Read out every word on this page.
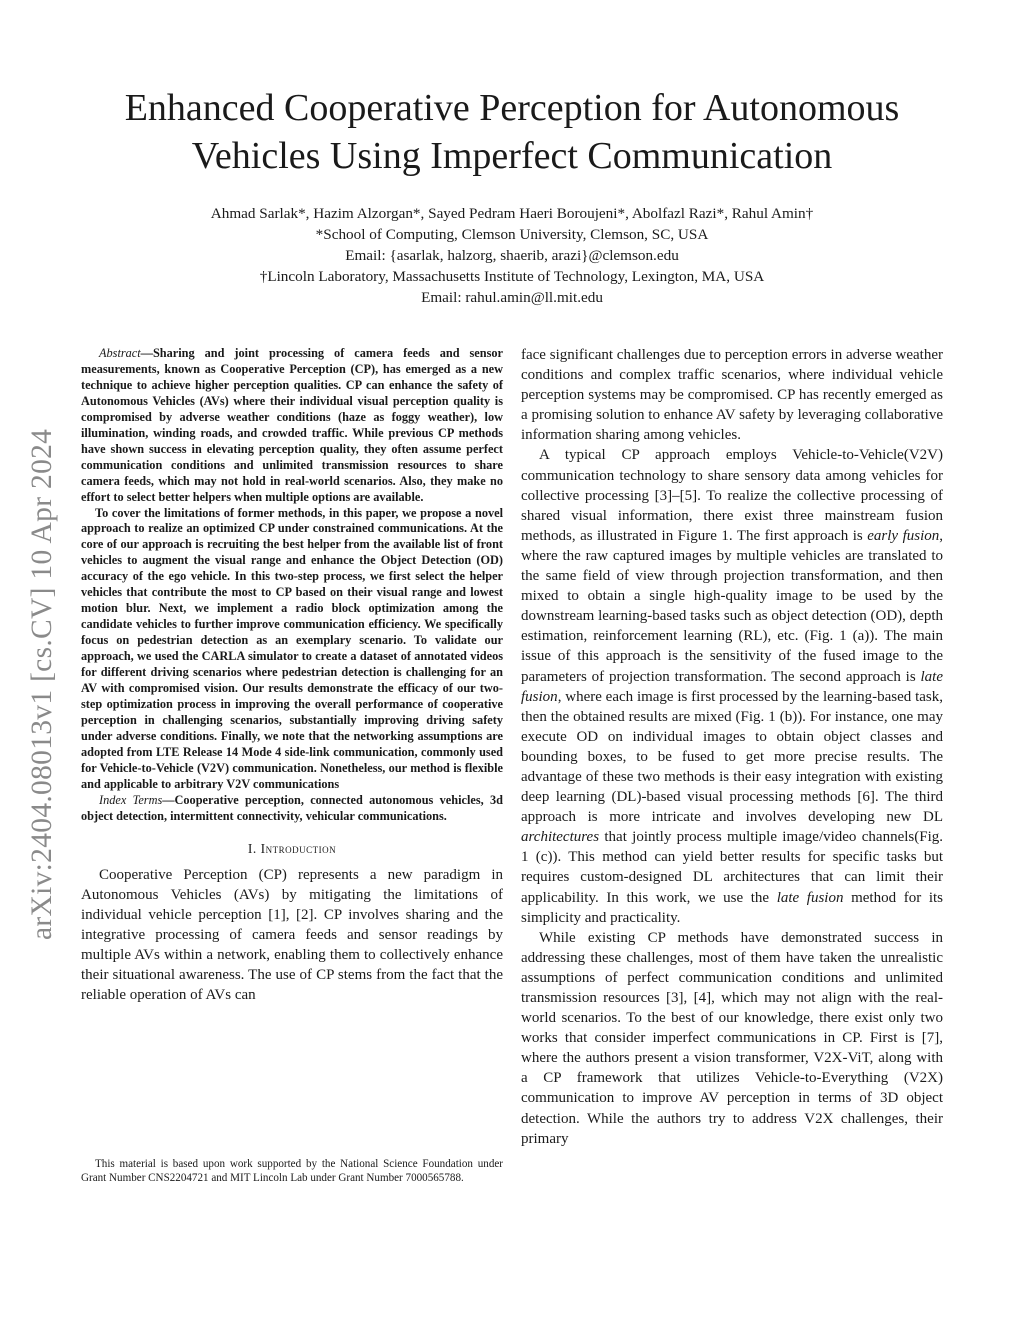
arXiv:2404.08013v1 [cs.CV] 10 Apr 2024
Enhanced Cooperative Perception for Autonomous
Vehicles Using Imperfect Communication
Ahmad Sarlak*, Hazim Alzorgan*, Sayed Pedram Haeri Boroujeni*, Abolfazl Razi*, Rahul Amin†
*School of Computing, Clemson University, Clemson, SC, USA
Email: {asarlak, halzorg, shaerib, arazi}@clemson.edu
†Lincoln Laboratory, Massachusetts Institute of Technology, Lexington, MA, USA
Email: rahul.amin@ll.mit.edu

Abstract—Sharing and joint processing of camera feeds and sensor measurements, known as Cooperative Perception (CP), has emerged as a new technique to achieve higher perception qualities. CP can enhance the safety of Autonomous Vehicles (AVs) where their individual visual perception quality is compromised by adverse weather conditions (haze as foggy weather), low illumination, winding roads, and crowded traffic. While previous CP methods have shown success in elevating perception quality, they often assume perfect communication conditions and unlimited transmission resources to share camera feeds, which may not hold in real-world scenarios. Also, they make no effort to select better helpers when multiple options are available.

To cover the limitations of former methods, in this paper, we propose a novel approach to realize an optimized CP under constrained communications. At the core of our approach is recruiting the best helper from the available list of front vehicles to augment the visual range and enhance the Object Detection (OD) accuracy of the ego vehicle. In this two-step process, we first select the helper vehicles that contribute the most to CP based on their visual range and lowest motion blur. Next, we implement a radio block optimization among the candidate vehicles to further improve communication efficiency. We specifically focus on pedestrian detection as an exemplary scenario. To validate our approach, we used the CARLA simulator to create a dataset of annotated videos for different driving scenarios where pedestrian detection is challenging for an AV with compromised vision. Our results demonstrate the efficacy of our two-step optimization process in improving the overall performance of cooperative perception in challenging scenarios, substantially improving driving safety under adverse conditions. Finally, we note that the networking assumptions are adopted from LTE Release 14 Mode 4 side-link communication, commonly used for Vehicle-to-Vehicle (V2V) communication. Nonetheless, our method is flexible and applicable to arbitrary V2V communications

Index Terms—Cooperative perception, connected autonomous vehicles, 3d object detection, intermittent connectivity, vehicular communications.

I. Introduction

Cooperative Perception (CP) represents a new paradigm in Autonomous Vehicles (AVs) by mitigating the limitations of individual vehicle perception [1], [2]. CP involves sharing and the integrative processing of camera feeds and sensor readings by multiple AVs within a network, enabling them to collectively enhance their situational awareness. The use of CP stems from the fact that the reliable operation of AVs can

This material is based upon work supported by the National Science Foundation under Grant Number CNS2204721 and MIT Lincoln Lab under Grant Number 7000565788.

face significant challenges due to perception errors in adverse weather conditions and complex traffic scenarios, where individual vehicle perception systems may be compromised. CP has recently emerged as a promising solution to enhance AV safety by leveraging collaborative information sharing among vehicles.

A typical CP approach employs Vehicle-to-Vehicle(V2V) communication technology to share sensory data among vehicles for collective processing [3]–[5]. To realize the collective processing of shared visual information, there exist three mainstream fusion methods, as illustrated in Figure 1. The first approach is early fusion, where the raw captured images by multiple vehicles are translated to the same field of view through projection transformation, and then mixed to obtain a single high-quality image to be used by the downstream learning-based tasks such as object detection (OD), depth estimation, reinforcement learning (RL), etc. (Fig. 1 (a)). The main issue of this approach is the sensitivity of the fused image to the parameters of projection transformation. The second approach is late fusion, where each image is first processed by the learning-based task, then the obtained results are mixed (Fig. 1 (b)). For instance, one may execute OD on individual images to obtain object classes and bounding boxes, to be fused to get more precise results. The advantage of these two methods is their easy integration with existing deep learning (DL)-based visual processing methods [6]. The third approach is more intricate and involves developing new DL architectures that jointly process multiple image/video channels(Fig. 1 (c)). This method can yield better results for specific tasks but requires custom-designed DL architectures that can limit their applicability. In this work, we use the late fusion method for its simplicity and practicality.

While existing CP methods have demonstrated success in addressing these challenges, most of them have taken the unrealistic assumptions of perfect communication conditions and unlimited transmission resources [3], [4], which may not align with the real-world scenarios. To the best of our knowledge, there exist only two works that consider imperfect communications in CP. First is [7], where the authors present a vision transformer, V2X-ViT, along with a CP framework that utilizes Vehicle-to-Everything (V2X) communication to improve AV perception in terms of 3D object detection. While the authors try to address V2X challenges, their primary
